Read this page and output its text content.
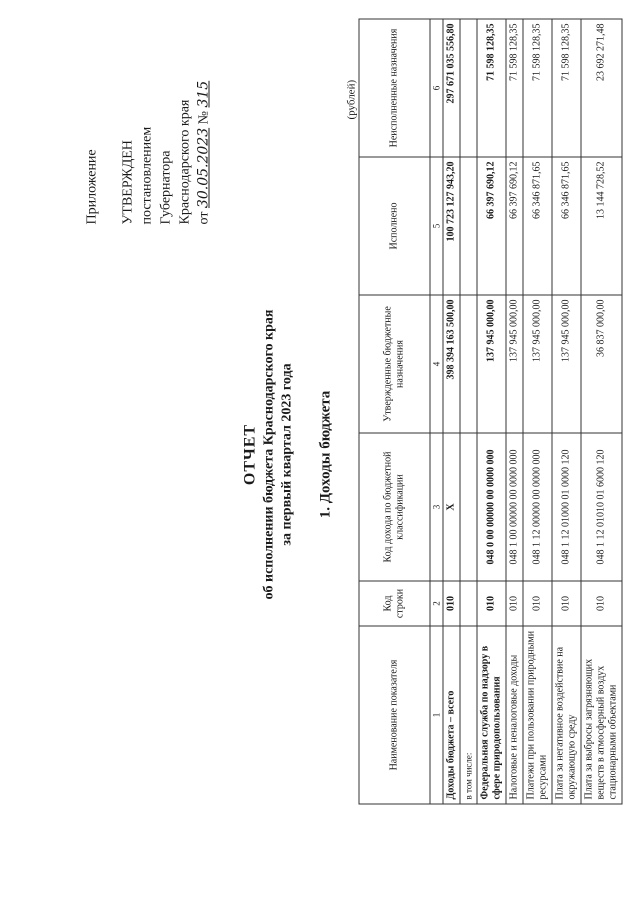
Приложение УТВЕРЖДЕН постановлением Губернатора Краснодарского края от 30.05.2023 № 315
ОТЧЕТ об исполнении бюджета Краснодарского края за первый квартал 2023 года 1. Доходы бюджета
(рублей)
Наименование показателя	Код строки	Код дохода по бюджетной классификации	Утвержденные бюджетные назначения	Исполнено	Неисполненные назначения
1	2	3	4	5	6
Доходы бюджета – всего	010	X	398 394 163 500,00	100 723 127 943,20	297 671 035 556,80
в том числе:					
Федеральная служба по надзору в сфере природопользования	010	048 0 00 00000 00 0000 000	137 945 000,00	66 397 690,12	71 598 128,35
Налоговые и неналоговые доходы	010	048 1 00 00000 00 0000 000	137 945 000,00	66 397 690,12	71 598 128,35
Платежи при пользовании природными ресурсами	010	048 1 12 00000 00 0000 000	137 945 000,00	66 346 871,65	71 598 128,35
Плата за негативное воздействие на окружающую среду	010	048 1 12 01000 01 0000 120	137 945 000,00	66 346 871,65	71 598 128,35
Плата за выбросы загрязняющих веществ в атмосферный воздух стационарными объектами	010	048 1 12 01010 01 6000 120	36 837 000,00	13 144 728,52	23 692 271,48
